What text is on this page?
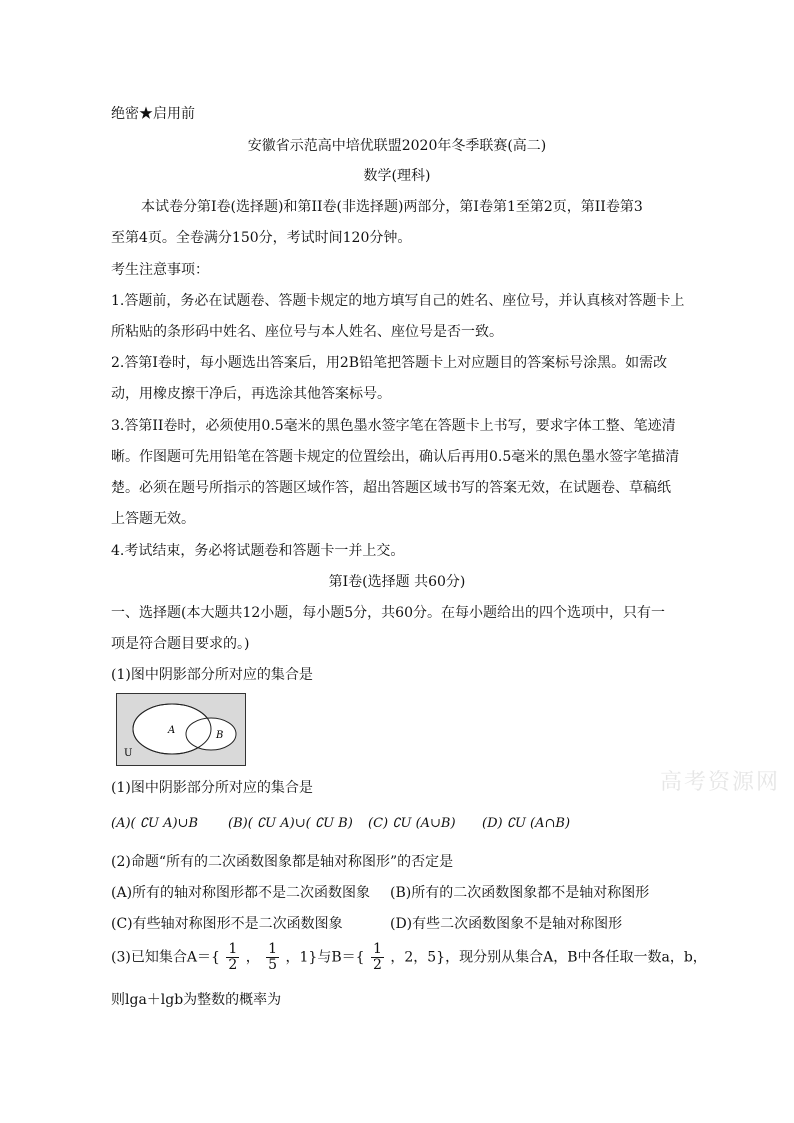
绝密★启用前
安徽省示范高中培优联盟2020年冬季联赛(高二)
数学(理科)
本试卷分第I卷(选择题)和第II卷(非选择题)两部分，第I卷第1至第2页，第II卷第3
至第4页。全卷满分150分，考试时间120分钟。
考生注意事项：
1.答题前，务必在试题卷、答题卡规定的地方填写自己的姓名、座位号，并认真核对答题卡上
所粘贴的条形码中姓名、座位号与本人姓名、座位号是否一致。
2.答第I卷时，每小题选出答案后，用2B铅笔把答题卡上对应题目的答案标号涂黑。如需改
动，用橡皮擦干净后，再选涂其他答案标号。
3.答第II卷时，必须使用0.5毫米的黑色墨水签字笔在答题卡上书写，要求字体工整、笔迹清
晰。作图题可先用铅笔在答题卡规定的位置绘出，确认后再用0.5毫米的黑色墨水签字笔描清
楚。必须在题号所指示的答题区域作答，超出答题区域书写的答案无效，在试题卷、草稿纸
上答题无效。
4.考试结束，务必将试题卷和答题卡一并上交。
第I卷(选择题 共60分)
一、选择题(本大题共12小题，每小题5分，共60分。在每小题给出的四个选项中，只有一
项是符合题目要求的。)
(1)图中阴影部分所对应的集合是
A	B
U
高考资源网
(1)图中阴影部分所对应的集合是
(A)( ∁U A)∪B (B)( ∁U A)∪( ∁U B) (C) ∁U (A∪B) (D) ∁U (A∩B)
(2)命题“所有的二次函数图象都是轴对称图形”的否定是
(A)所有的轴对称图形都不是二次函数图象 (B)所有的二次函数图象都不是轴对称图形
(C)有些轴对称图形不是二次函数图象	(D)有些二次函数图象不是轴对称图形
(3)已知集合$A=\{ \frac{1}{2}$ ， $\frac{1}{5}$ ，1}与$B=\{ \frac{1}{2}$ ，2，5}，现分别从集合A，B中各任取一数a，b，
则lga＋lgb为整数的概率为
